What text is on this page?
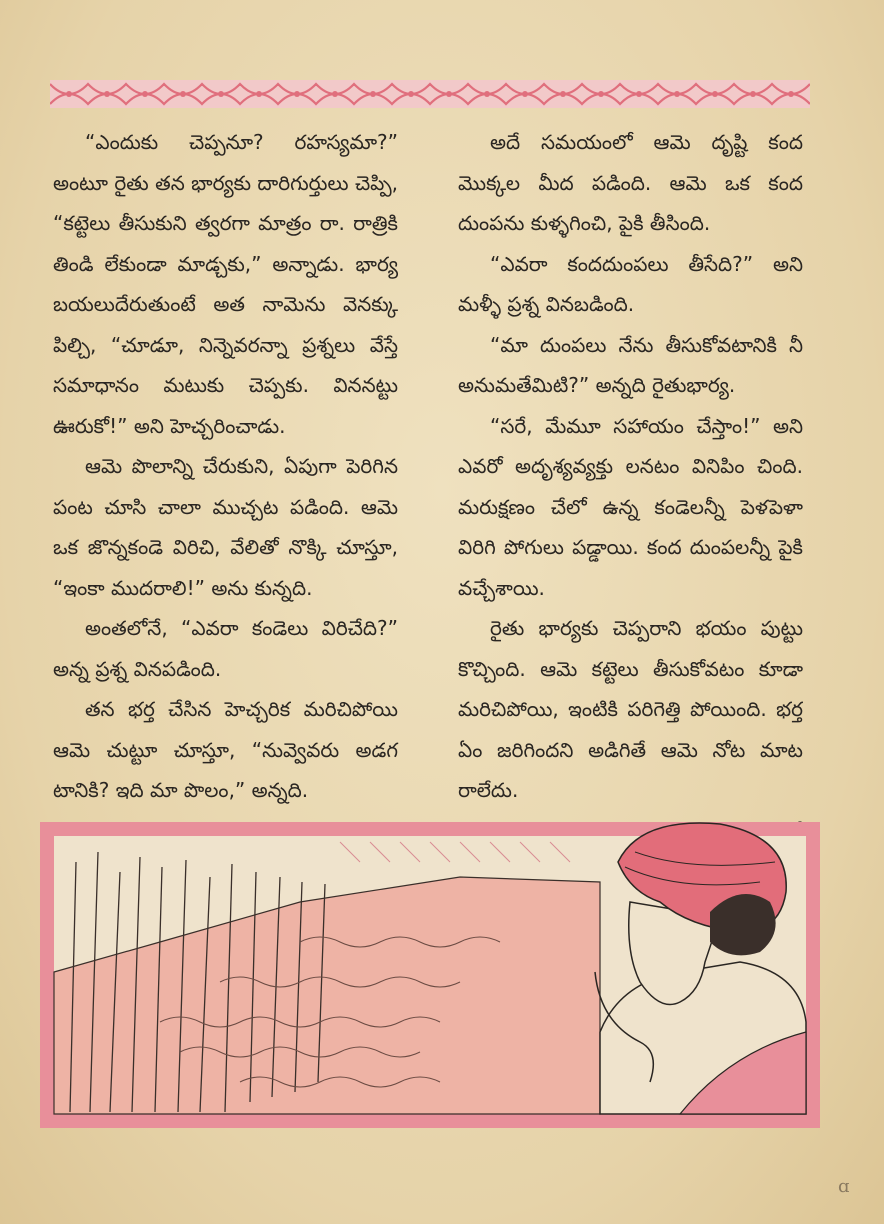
“ఎందుకు చెప్పనూ? రహస్యమా?” అంటూ రైతు తన భార్యకు దారిగుర్తులు చెప్పి, “కట్టెలు తీసుకుని త్వరగా మాత్రం రా. రాత్రికి తిండి లేకుండా మాడ్చకు,” అన్నాడు. భార్య బయలుదేరుతుంటే అత నామెను వెనక్కు పిల్చి, “చూడూ, నిన్నెవరన్నా ప్రశ్నలు వేస్తే సమాధానం మటుకు చెప్పకు. విననట్టు ఊరుకో!” అని హెచ్చరించాడు.

ఆమె పొలాన్ని చేరుకుని, ఏపుగా పెరిగిన పంట చూసి చాలా ముచ్చట పడింది. ఆమె ఒక జొన్నకండె విరిచి, వేలితో నొక్కి చూస్తూ, “ఇంకా ముదరాలి!” అను కున్నది.

అంతలోనే, “ఎవరా కండెలు విరిచేది?” అన్న ప్రశ్న వినపడింది.

తన భర్త చేసిన హెచ్చరిక మరిచిపోయి ఆమె చుట్టూ చూస్తూ, “నువ్వెవరు అడగ టానికి? ఇది మా పొలం,” అన్నది.

అదే సమయంలో ఆమె దృష్టి కంద మొక్కల మీద పడింది. ఆమె ఒక కంద దుంపను కుళ్ళగించి, పైకి తీసింది.

“ఎవరా కందదుంపలు తీసేది?” అని మళ్ళీ ప్రశ్న వినబడింది.

“మా దుంపలు నేను తీసుకోవటానికి నీ అనుమతేమిటి?” అన్నది రైతుభార్య.

“సరే, మేమూ సహాయం చేస్తాం!” అని ఎవరో అదృశ్యవ్యక్తు లనటం వినిపిం చింది. మరుక్షణం చేలో ఉన్న కండెలన్నీ పెళపెళా విరిగి పోగులు పడ్డాయి. కంద దుంపలన్నీ పైకి వచ్చేశాయి.

రైతు భార్యకు చెప్పరాని భయం పుట్టు కొచ్చింది. ఆమె కట్టెలు తీసుకోవటం కూడా మరిచిపోయి, ఇంటికి పరిగెత్తి పోయింది. భర్త ఏం జరిగిందని అడిగితే ఆమె నోట మాట రాలేదు.

ɑ
